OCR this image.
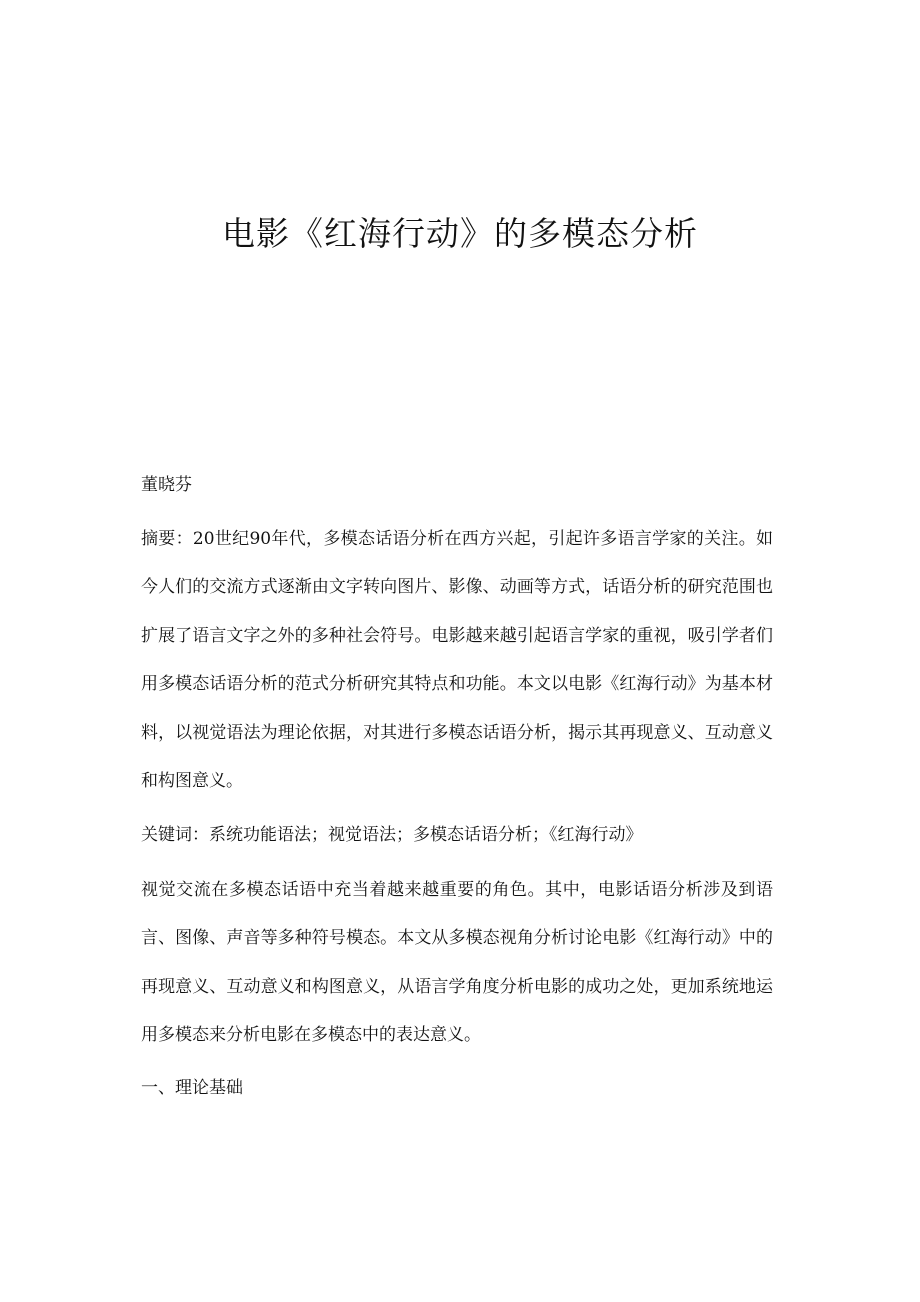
电影《红海行动》的多模态分析
董晓芬

摘要：20世纪90年代，多模态话语分析在西方兴起，引起许多语言学家的关注。如今人们的交流方式逐渐由文字转向图片、影像、动画等方式，话语分析的研究范围也扩展了语言文字之外的多种社会符号。电影越来越引起语言学家的重视，吸引学者们用多模态话语分析的范式分析研究其特点和功能。本文以电影《红海行动》为基本材料，以视觉语法为理论依据，对其进行多模态话语分析，揭示其再现意义、互动意义和构图意义。

关键词：系统功能语法；视觉语法；多模态话语分析；《红海行动》

视觉交流在多模态话语中充当着越来越重要的角色。其中，电影话语分析涉及到语言、图像、声音等多种符号模态。本文从多模态视角分析讨论电影《红海行动》中的再现意义、互动意义和构图意义，从语言学角度分析电影的成功之处，更加系统地运用多模态来分析电影在多模态中的表达意义。

一、理论基础
